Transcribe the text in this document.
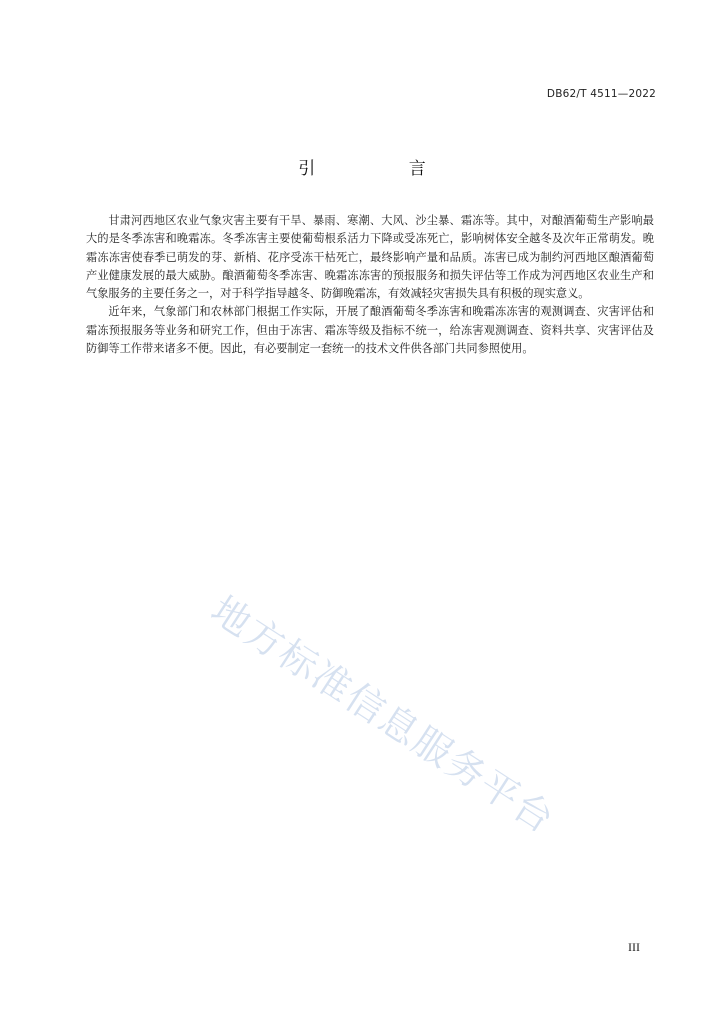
DB62/T 4511—2022
引 言

甘肃河西地区农业气象灾害主要有干旱、暴雨、寒潮、大风、沙尘暴、霜冻等。其中，对酿酒葡萄生产影响最大的是冬季冻害和晚霜冻。冬季冻害主要使葡萄根系活力下降或受冻死亡，影响树体安全越冬及次年正常萌发。晚霜冻冻害使春季已萌发的芽、新梢、花序受冻干枯死亡，最终影响产量和品质。冻害已成为制约河西地区酿酒葡萄产业健康发展的最大威胁。酿酒葡萄冬季冻害、晚霜冻冻害的预报服务和损失评估等工作成为河西地区农业生产和气象服务的主要任务之一，对于科学指导越冬、防御晚霜冻，有效减轻灾害损失具有积极的现实意义。

近年来，气象部门和农林部门根据工作实际，开展了酿酒葡萄冬季冻害和晚霜冻冻害的观测调查、灾害评估和霜冻预报服务等业务和研究工作，但由于冻害、霜冻等级及指标不统一，给冻害观测调查、资料共享、灾害评估及防御等工作带来诸多不便。因此，有必要制定一套统一的技术文件供各部门共同参照使用。

地方标准信息服务平台
III
